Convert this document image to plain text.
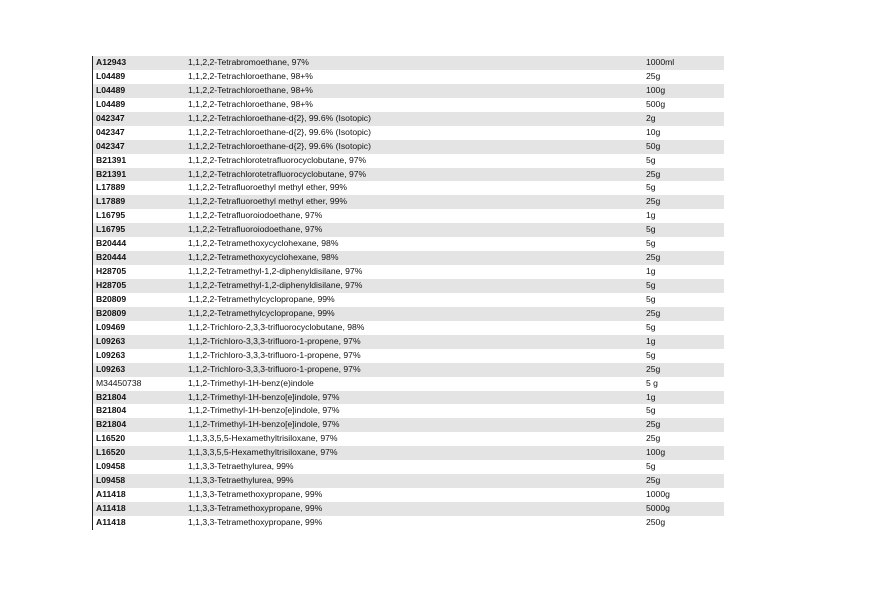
A12943	1,1,2,2-Tetrabromoethane, 97%	1000ml
L04489	1,1,2,2-Tetrachloroethane, 98+%	25g
L04489	1,1,2,2-Tetrachloroethane, 98+%	100g
L04489	1,1,2,2-Tetrachloroethane, 98+%	500g
042347	1,1,2,2-Tetrachloroethane-d{2}, 99.6% (Isotopic)	2g
042347	1,1,2,2-Tetrachloroethane-d{2}, 99.6% (Isotopic)	10g
042347	1,1,2,2-Tetrachloroethane-d{2}, 99.6% (Isotopic)	50g
B21391	1,1,2,2-Tetrachlorotetrafluorocyclobutane, 97%	5g
B21391	1,1,2,2-Tetrachlorotetrafluorocyclobutane, 97%	25g
L17889	1,1,2,2-Tetrafluoroethyl methyl ether, 99%	5g
L17889	1,1,2,2-Tetrafluoroethyl methyl ether, 99%	25g
L16795	1,1,2,2-Tetrafluoroiodoethane, 97%	1g
L16795	1,1,2,2-Tetrafluoroiodoethane, 97%	5g
B20444	1,1,2,2-Tetramethoxycyclohexane, 98%	5g
B20444	1,1,2,2-Tetramethoxycyclohexane, 98%	25g
H28705	1,1,2,2-Tetramethyl-1,2-diphenyldisilane, 97%	1g
H28705	1,1,2,2-Tetramethyl-1,2-diphenyldisilane, 97%	5g
B20809	1,1,2,2-Tetramethylcyclopropane, 99%	5g
B20809	1,1,2,2-Tetramethylcyclopropane, 99%	25g
L09469	1,1,2-Trichloro-2,3,3-trifluorocyclobutane, 98%	5g
L09263	1,1,2-Trichloro-3,3,3-trifluoro-1-propene, 97%	1g
L09263	1,1,2-Trichloro-3,3,3-trifluoro-1-propene, 97%	5g
L09263	1,1,2-Trichloro-3,3,3-trifluoro-1-propene, 97%	25g
M34450738	1,1,2-Trimethyl-1H-benz(e)indole	5 g
B21804	1,1,2-Trimethyl-1H-benzo[e]indole, 97%	1g
B21804	1,1,2-Trimethyl-1H-benzo[e]indole, 97%	5g
B21804	1,1,2-Trimethyl-1H-benzo[e]indole, 97%	25g
L16520	1,1,3,3,5,5-Hexamethyltrisiloxane, 97%	25g
L16520	1,1,3,3,5,5-Hexamethyltrisiloxane, 97%	100g
L09458	1,1,3,3-Tetraethylurea, 99%	5g
L09458	1,1,3,3-Tetraethylurea, 99%	25g
A11418	1,1,3,3-Tetramethoxypropane, 99%	1000g
A11418	1,1,3,3-Tetramethoxypropane, 99%	5000g
A11418	1,1,3,3-Tetramethoxypropane, 99%	250g
